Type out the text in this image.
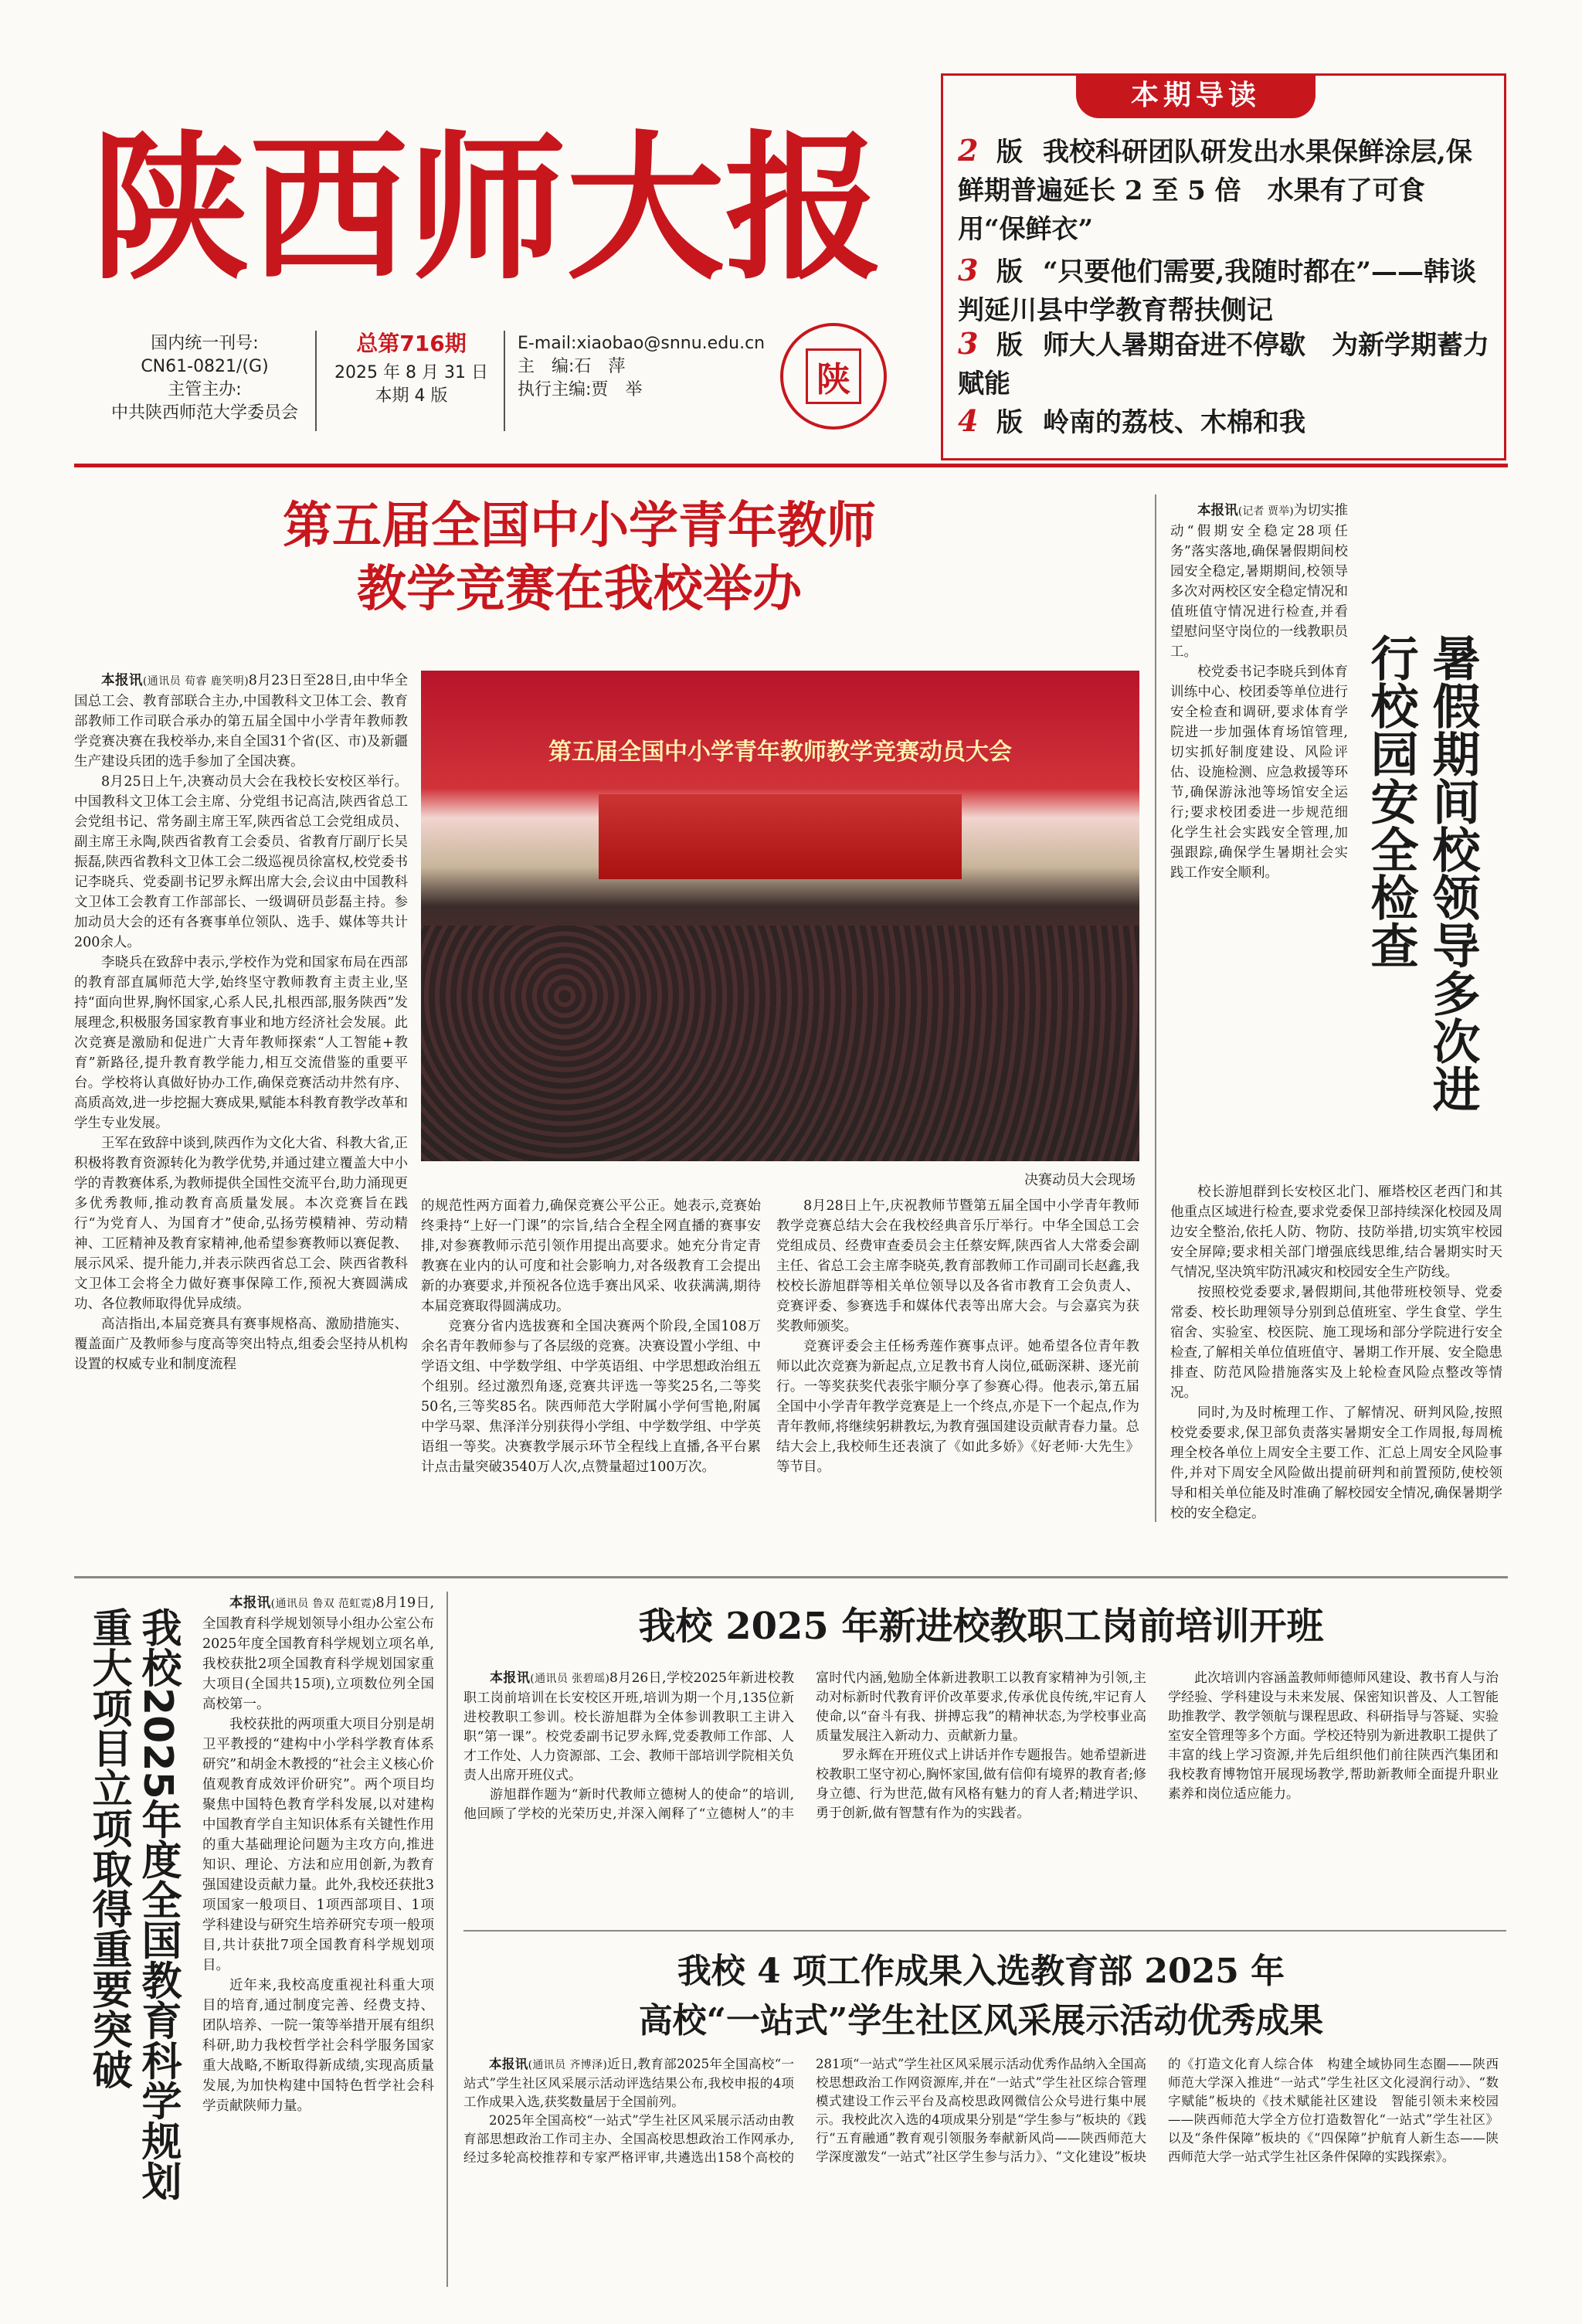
陕西师大报
国内统一刊号:
CN61-0821/(G)
主管主办:
中共陕西师范大学委员会
总第716期
2025 年 8 月 31 日
本期 4 版
E-mail:xiaobao@snnu.edu.cn
主　编:石　萍
执行主编:贾　举	陕
本期导读
2 版 我校科研团队研发出水果保鲜涂层,保鲜期普遍延长 2 至 5 倍　水果有了可食用“保鲜衣”
3 版 “只要他们需要,我随时都在”——韩谈判延川县中学教育帮扶侧记
3 版 师大人暑期奋进不停歇　为新学期蓄力赋能
4 版 岭南的荔枝、木棉和我
第五届全国中小学青年教师
教学竞赛在我校举办
本报讯(通讯员 荀睿 鹿笑明)8月23日至28日,由中华全国总工会、教育部联合主办,中国教科文卫体工会、教育部教师工作司联合承办的第五届全国中小学青年教师教学竞赛决赛在我校举办,来自全国31个省(区、市)及新疆生产建设兵团的选手参加了全国决赛。
8月25日上午,决赛动员大会在我校长安校区举行。中国教科文卫体工会主席、分党组书记高洁,陕西省总工会党组书记、常务副主席王军,陕西省总工会党组成员、副主席王永陶,陕西省教育工会委员、省教育厅副厅长吴振磊,陕西省教科文卫体工会二级巡视员徐富权,校党委书记李晓兵、党委副书记罗永辉出席大会,会议由中国教科文卫体工会教育工作部部长、一级调研员彭磊主持。参加动员大会的还有各赛事单位领队、选手、媒体等共计200余人。
李晓兵在致辞中表示,学校作为党和国家布局在西部的教育部直属师范大学,始终坚守教师教育主责主业,坚持“面向世界,胸怀国家,心系人民,扎根西部,服务陕西”发展理念,积极服务国家教育事业和地方经济社会发展。此次竞赛是激励和促进广大青年教师探索“人工智能+教育”新路径,提升教育教学能力,相互交流借鉴的重要平台。学校将认真做好协办工作,确保竞赛活动井然有序、高质高效,进一步挖掘大赛成果,赋能本科教育教学改革和学生专业发展。
王军在致辞中谈到,陕西作为文化大省、科教大省,正积极将教育资源转化为教学优势,并通过建立覆盖大中小学的青教赛体系,为教师提供全国性交流平台,助力涌现更多优秀教师,推动教育高质量发展。本次竞赛旨在践行“为党育人、为国育才”使命,弘扬劳模精神、劳动精神、工匠精神及教育家精神,他希望参赛教师以赛促教、展示风采、提升能力,并表示陕西省总工会、陕西省教科文卫体工会将全力做好赛事保障工作,预祝大赛圆满成功、各位教师取得优异成绩。
高洁指出,本届竞赛具有赛事规格高、激励措施实、覆盖面广及教师参与度高等突出特点,组委会坚持从机构设置的权威专业和制度流程
第五届全国中小学青年教师教学竞赛动员大会
决赛动员大会现场
的规范性两方面着力,确保竞赛公平公正。她表示,竞赛始终秉持“上好一门课”的宗旨,结合全程全网直播的赛事安排,对参赛教师示范引领作用提出高要求。她充分肯定青教赛在业内的认可度和社会影响力,对各级教育工会提出新的办赛要求,并预祝各位选手赛出风采、收获满满,期待本届竞赛取得圆满成功。
竞赛分省内选拔赛和全国决赛两个阶段,全国108万余名青年教师参与了各层级的竞赛。决赛设置小学组、中学语文组、中学数学组、中学英语组、中学思想政治组五个组别。经过激烈角逐,竞赛共评选一等奖25名,二等奖50名,三等奖85名。陕西师范大学附属小学何雪艳,附属中学马翠、焦泽洋分别获得小学组、中学数学组、中学英语组一等奖。决赛教学展示环节全程线上直播,各平台累计点击量突破3540万人次,点赞量超过100万次。
8月28日上午,庆祝教师节暨第五届全国中小学青年教师教学竞赛总结大会在我校经典音乐厅举行。中华全国总工会党组成员、经费审查委员会主任蔡安辉,陕西省人大常委会副主任、省总工会主席李晓英,教育部教师工作司副司长赵鑫,我校校长游旭群等相关单位领导以及各省市教育工会负责人、竞赛评委、参赛选手和媒体代表等出席大会。与会嘉宾为获奖教师颁奖。
竞赛评委会主任杨秀莲作赛事点评。她希望各位青年教师以此次竞赛为新起点,立足教书育人岗位,砥砺深耕、逐光前行。一等奖获奖代表张宇顺分享了参赛心得。他表示,第五届全国中小学青年教学竞赛是上一个终点,亦是下一个起点,作为青年教师,将继续躬耕教坛,为教育强国建设贡献青春力量。总结大会上,我校师生还表演了《如此多娇》《好老师·大先生》等节目。
暑假期间校领导多次进行校园安全检查
本报讯(记者 贾举)为切实推动“假期安全稳定28项任务”落实落地,确保暑假期间校园安全稳定,暑期期间,校领导多次对两校区安全稳定情况和值班值守情况进行检查,并看望慰问坚守岗位的一线教职员工。
校党委书记李晓兵到体育训练中心、校团委等单位进行安全检查和调研,要求体育学院进一步加强体育场馆管理,切实抓好制度建设、风险评估、设施检测、应急救援等环节,确保游泳池等场馆安全运行;要求校团委进一步规范细化学生社会实践安全管理,加强跟踪,确保学生暑期社会实践工作安全顺利。
校长游旭群到长安校区北门、雁塔校区老西门和其他重点区域进行检查,要求党委保卫部持续深化校园及周边安全整治,依托人防、物防、技防举措,切实筑牢校园安全屏障;要求相关部门增强底线思维,结合暑期实时天气情况,坚决筑牢防汛减灾和校园安全生产防线。
按照校党委要求,暑假期间,其他带班校领导、党委常委、校长助理领导分别到总值班室、学生食堂、学生宿舍、实验室、校医院、施工现场和部分学院进行安全检查,了解相关单位值班值守、暑期工作开展、安全隐患排查、防范风险措施落实及上轮检查风险点整改等情况。
同时,为及时梳理工作、了解情况、研判风险,按照校党委要求,保卫部负责落实暑期安全工作周报,每周梳理全校各单位上周安全主要工作、汇总上周安全风险事件,并对下周安全风险做出提前研判和前置预防,使校领导和相关单位能及时准确了解校园安全情况,确保暑期学校的安全稳定。
我校2025年度全国教育科学规划重大项目立项取得重要突破
本报讯(通讯员 鲁双 范虹霓)8月19日,全国教育科学规划领导小组办公室公布2025年度全国教育科学规划立项名单,我校获批2项全国教育科学规划国家重大项目(全国共15项),立项数位列全国高校第一。
我校获批的两项重大项目分别是胡卫平教授的“建构中小学科学教育体系研究”和胡金木教授的“社会主义核心价值观教育成效评价研究”。两个项目均聚焦中国特色教育学科发展,以对建构中国教育学自主知识体系有关键性作用的重大基础理论问题为主攻方向,推进知识、理论、方法和应用创新,为教育强国建设贡献力量。此外,我校还获批3项国家一般项目、1项西部项目、1项学科建设与研究生培养研究专项一般项目,共计获批7项全国教育科学规划项目。
近年来,我校高度重视社科重大项目的培育,通过制度完善、经费支持、团队培养、一院一策等举措开展有组织科研,助力我校哲学社会科学服务国家重大战略,不断取得新成绩,实现高质量发展,为加快构建中国特色哲学社会科学贡献陕师力量。
我校 2025 年新进校教职工岗前培训开班
本报讯(通讯员 张碧瑶)8月26日,学校2025年新进校教职工岗前培训在长安校区开班,培训为期一个月,135位新进校教职工参训。校长游旭群为全体参训教职工主讲入职“第一课”。校党委副书记罗永辉,党委教师工作部、人才工作处、人力资源部、工会、教师干部培训学院相关负责人出席开班仪式。
游旭群作题为“新时代教师立德树人的使命”的培训,他回顾了学校的光荣历史,并深入阐释了“立德树人”的丰富时代内涵,勉励全体新进教职工以教育家精神为引领,主动对标新时代教育评价改革要求,传承优良传统,牢记育人使命,以“奋斗有我、拼搏忘我”的精神状态,为学校事业高质量发展注入新动力、贡献新力量。
罗永辉在开班仪式上讲话并作专题报告。她希望新进校教职工坚守初心,胸怀家国,做有信仰有境界的教育者;修身立德、行为世范,做有风格有魅力的育人者;精进学识、勇于创新,做有智慧有作为的实践者。
此次培训内容涵盖教师师德师风建设、教书育人与治学经验、学科建设与未来发展、保密知识普及、人工智能助推教学、教学领航与课程思政、科研指导与答疑、实验室安全管理等多个方面。学校还特别为新进教职工提供了丰富的线上学习资源,并先后组织他们前往陕西汽集团和我校教育博物馆开展现场教学,帮助新教师全面提升职业素养和岗位适应能力。
我校 4 项工作成果入选教育部 2025 年
高校“一站式”学生社区风采展示活动优秀成果
本报讯(通讯员 齐博泽)近日,教育部2025年全国高校“一站式”学生社区风采展示活动评选结果公布,我校申报的4项工作成果入选,获奖数量居于全国前列。
2025年全国高校“一站式”学生社区风采展示活动由教育部思想政治工作司主办、全国高校思想政治工作网承办,经过多轮高校推荐和专家严格评审,共遴选出158个高校的281项“一站式”学生社区风采展示活动优秀作品纳入全国高校思想政治工作网资源库,并在“一站式”学生社区综合管理模式建设工作云平台及高校思政网微信公众号进行集中展示。我校此次入选的4项成果分别是“学生参与”板块的《践行“五育融通”教育观引领服务奉献新风尚——陕西师范大学深度激发“一站式”社区学生参与活力》、“文化建设”板块的《打造文化育人综合体　构建全域协同生态圈——陕西师范大学深入推进“一站式”学生社区文化浸润行动》、“数字赋能”板块的《技术赋能社区建设　智能引领未来校园——陕西师范大学全方位打造数智化“一站式”学生社区》以及“条件保障”板块的《“四保障”护航育人新生态——陕西师范大学一站式学生社区条件保障的实践探索》。
